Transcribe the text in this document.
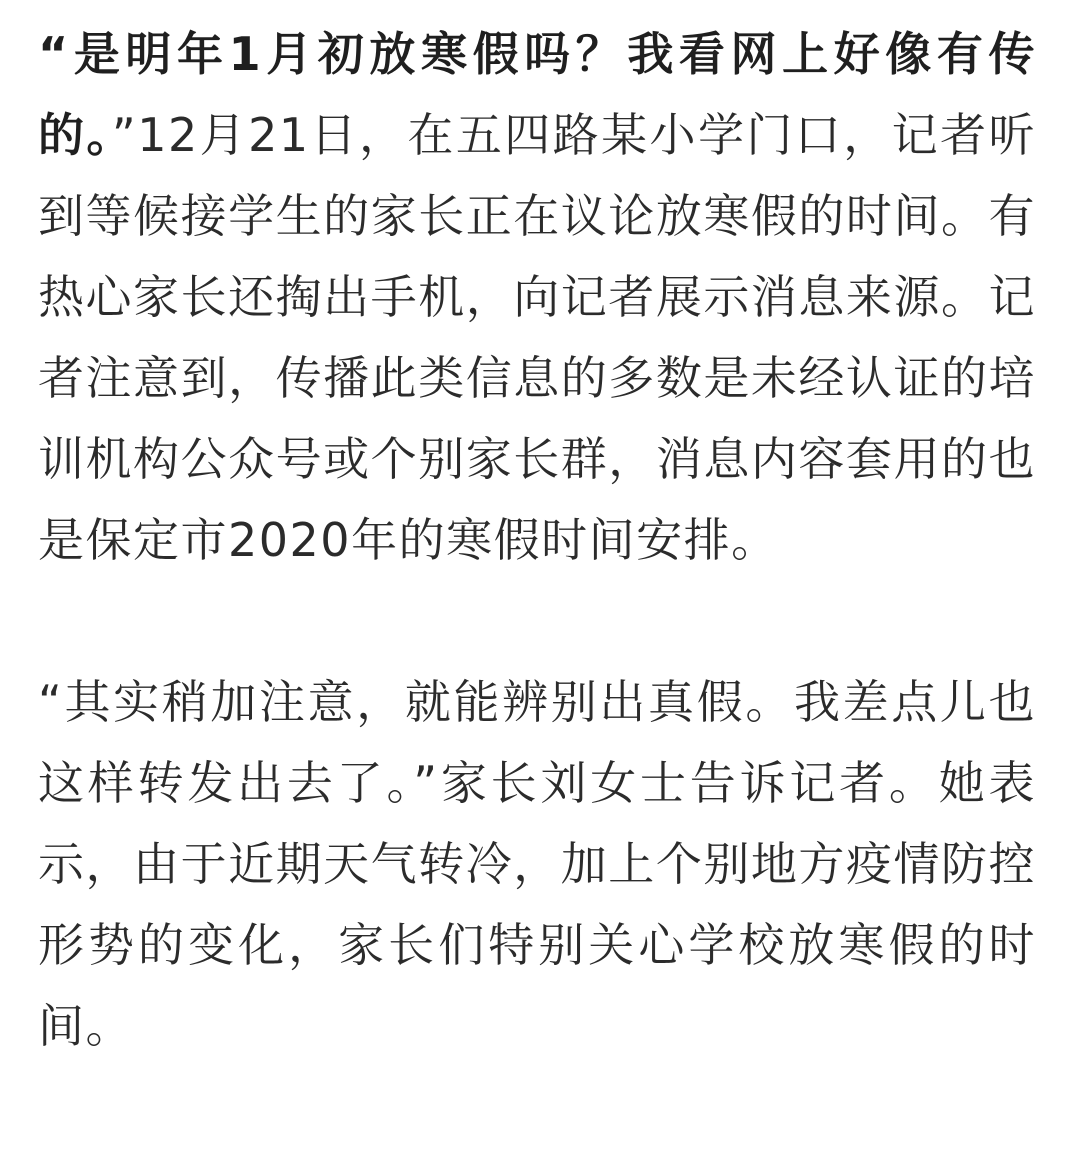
“是明年1月初放寒假吗？我看网上好像有传的。”12月21日，在五四路某小学门口，记者听到等候接学生的家长正在议论放寒假的时间。有热心家长还掏出手机，向记者展示消息来源。记者注意到，传播此类信息的多数是未经认证的培训机构公众号或个别家长群，消息内容套用的也是保定市2020年的寒假时间安排。

“其实稍加注意，就能辨别出真假。我差点儿也这样转发出去了。”家长刘女士告诉记者。她表示，由于近期天气转冷，加上个别地方疫情防控形势的变化，家长们特别关心学校放寒假的时间。
